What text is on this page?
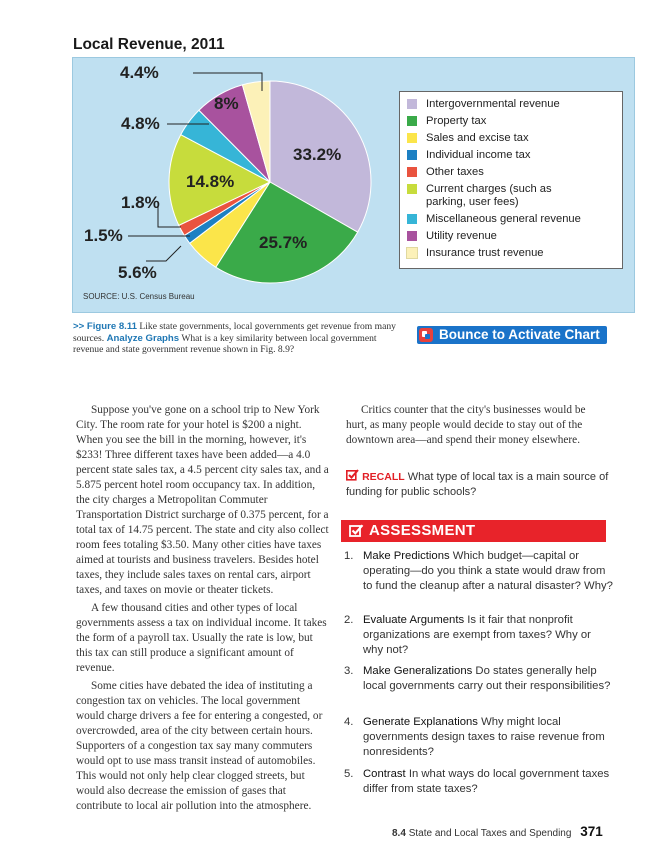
Local Revenue, 2011
4.4%
8%
4.8%
33.2%
14.8%
1.8%
1.5%	25.7%
5.6%
Intergovernmental revenue
Property tax
Sales and excise tax
Individual income tax
Other taxes
Current charges (such as
parking, user fees)
Miscellaneous general revenue
Utility revenue
Insurance trust revenue
SOURCE: U.S. Census Bureau
>> Figure 8.11 Like state governments, local governments get revenue from many sources. Analyze Graphs What is a key similarity between local government revenue and state government revenue shown in Fig. 8.9?
Bounce to Activate Chart

Suppose you've gone on a school trip to New York City. The room rate for your hotel is $200 a night. When you see the bill in the morning, however, it's $233! Three different taxes have been added—a 4.0 percent state sales tax, a 4.5 percent city sales tax, and a 5.875 percent hotel room occupancy tax. In addition, the city charges a Metropolitan Commuter Transportation District surcharge of 0.375 percent, for a total tax of 14.75 percent. The state and city also collect room fees totaling $3.50. Many other cities have taxes aimed at tourists and business travelers. Besides hotel taxes, they include sales taxes on rental cars, airport taxes, and taxes on movie or theater tickets.

A few thousand cities and other types of local governments assess a tax on individual income. It takes the form of a payroll tax. Usually the rate is low, but this tax can still produce a significant amount of revenue.

Some cities have debated the idea of instituting a congestion tax on vehicles. The local government would charge drivers a fee for entering a congested, or overcrowded, area of the city between certain hours. Supporters of a congestion tax say many commuters would opt to use mass transit instead of automobiles. This would not only help clear clogged streets, but would also decrease the emission of gases that contribute to local air pollution into the atmosphere.

Critics counter that the city's businesses would be hurt, as many people would decide to stay out of the downtown area—and spend their money elsewhere.

RECALL What type of local tax is a main source of funding for public schools?
ASSESSMENT
1. Make Predictions Which budget—capital or operating—do you think a state would draw from to fund the cleanup after a natural disaster? Why?
2. Evaluate Arguments Is it fair that nonprofit organizations are exempt from taxes? Why or why not?
3. Make Generalizations Do states generally help local governments carry out their responsibilities?
4. Generate Explanations Why might local governments design taxes to raise revenue from nonresidents?
5. Contrast In what ways do local government taxes differ from state taxes?
8.4 State and Local Taxes and Spending 371
